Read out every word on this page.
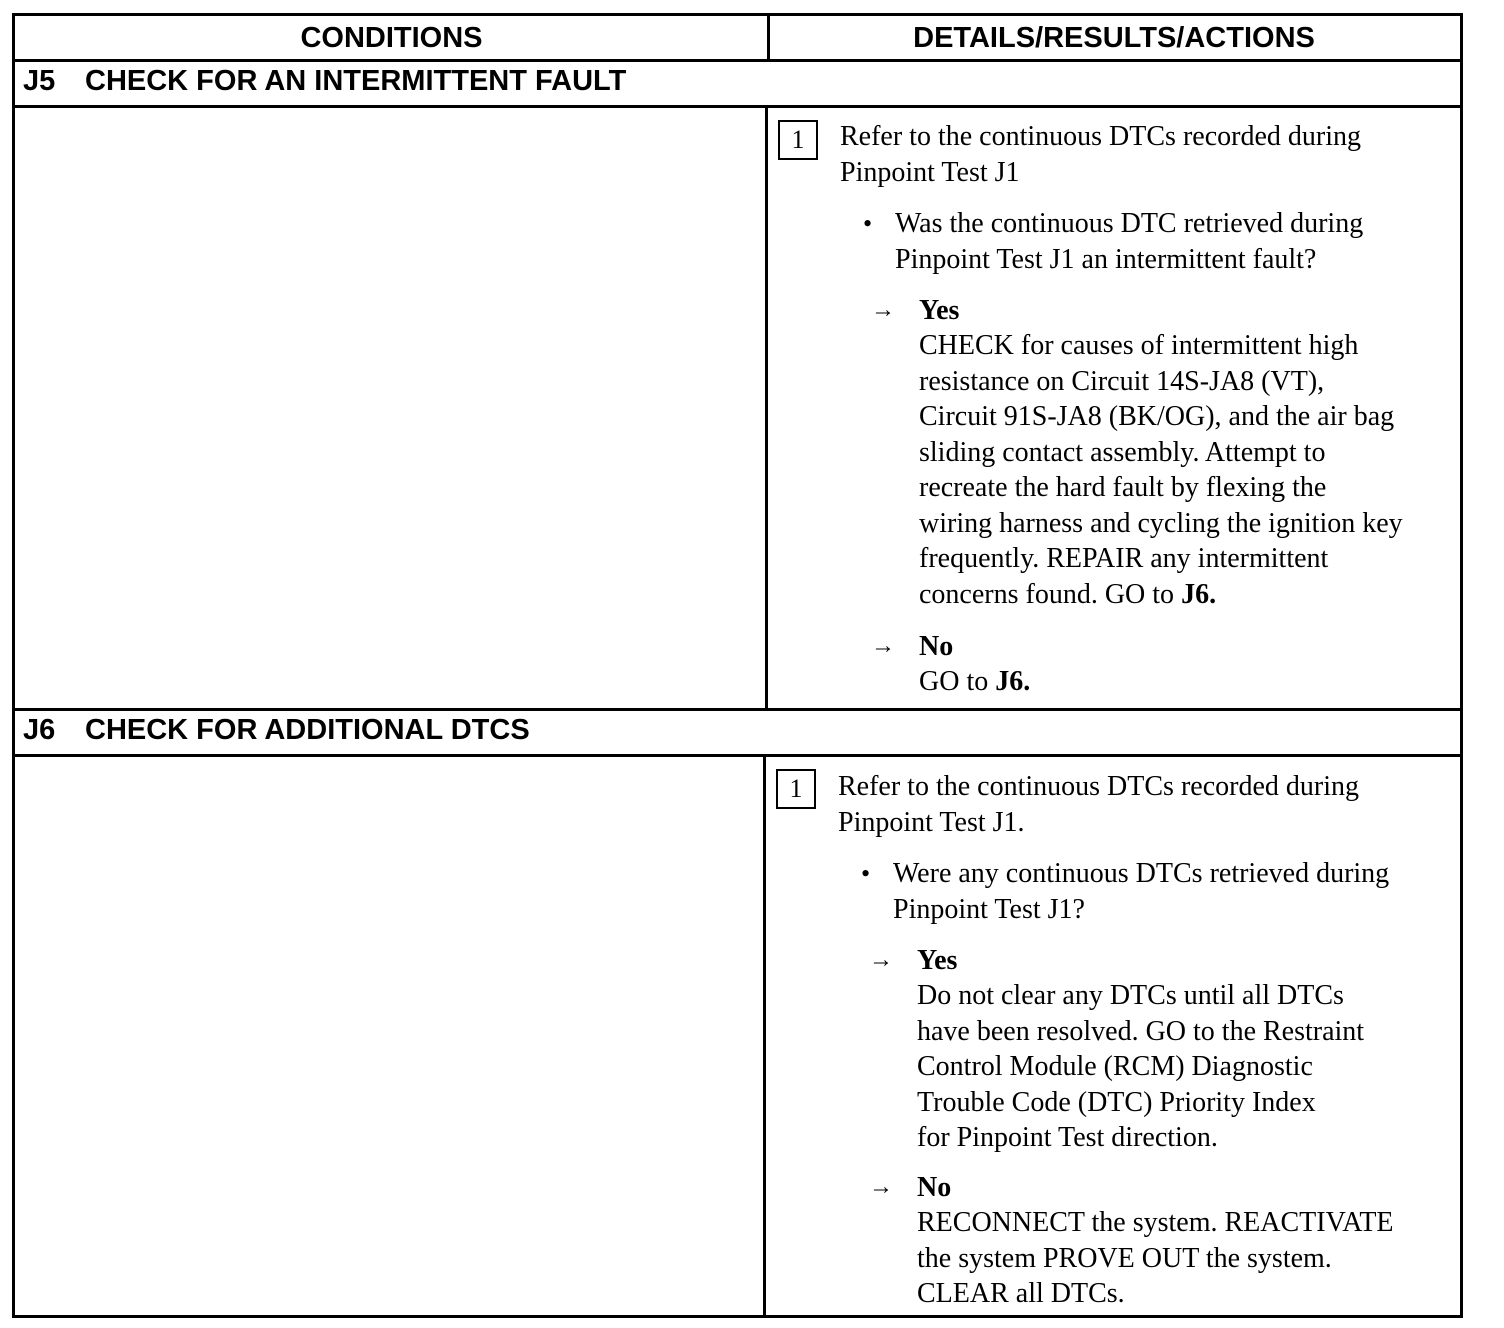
CONDITIONS	DETAILS/RESULTS/ACTIONS
J5	CHECK FOR AN INTERMITTENT FAULT
1	Refer to the continuous DTCs recorded during
Pinpoint Test J1
• Was the continuous DTC retrieved during
Pinpoint Test J1 an intermittent fault?
→ Yes
CHECK for causes of intermittent high
resistance on Circuit 14S-JA8 (VT),
Circuit 91S-JA8 (BK/OG), and the air bag
sliding contact assembly. Attempt to
recreate the hard fault by flexing the
wiring harness and cycling the ignition key
frequently. REPAIR any intermittent
concerns found. GO to J6.
→ No
GO to J6.
J6	CHECK FOR ADDITIONAL DTCS
1	Refer to the continuous DTCs recorded during
Pinpoint Test J1.
• Were any continuous DTCs retrieved during
Pinpoint Test J1?
→ Yes
Do not clear any DTCs until all DTCs
have been resolved. GO to the Restraint
Control Module (RCM) Diagnostic
Trouble Code (DTC) Priority Index
for Pinpoint Test direction.
→ No
RECONNECT the system. REACTIVATE
the system PROVE OUT the system.
CLEAR all DTCs.
